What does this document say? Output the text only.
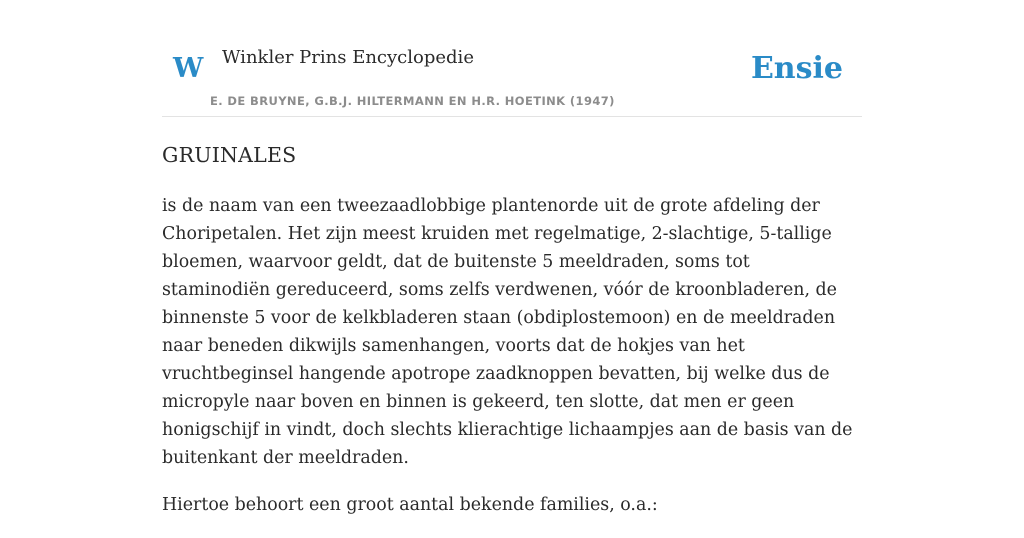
W Winkler Prins Encyclopedie
E. DE BRUYNE, G.B.J. HILTERMANN EN H.R. HOETINK (1947)
Ensie
GRUINALES

is de naam van een tweezaadlobbige plantenorde uit de grote afdeling der Choripetalen. Het zijn meest kruiden met regelmatige, 2-slachtige, 5-tallige bloemen, waarvoor geldt, dat de buitenste 5 meeldraden, soms tot staminodiën gereduceerd, soms zelfs verdwenen, vóór de kroonbladeren, de binnenste 5 voor de kelkbladeren staan (obdiplostemoon) en de meeldraden naar beneden dikwijls samenhangen, voorts dat de hokjes van het vruchtbeginsel hangende apotrope zaadknoppen bevatten, bij welke dus de micropyle naar boven en binnen is gekeerd, ten slotte, dat men er geen honigschijf in vindt, doch slechts klierachtige lichaampjes aan de basis van de buitenkant der meeldraden.

Hiertoe behoort een groot aantal bekende families, o.a.:
